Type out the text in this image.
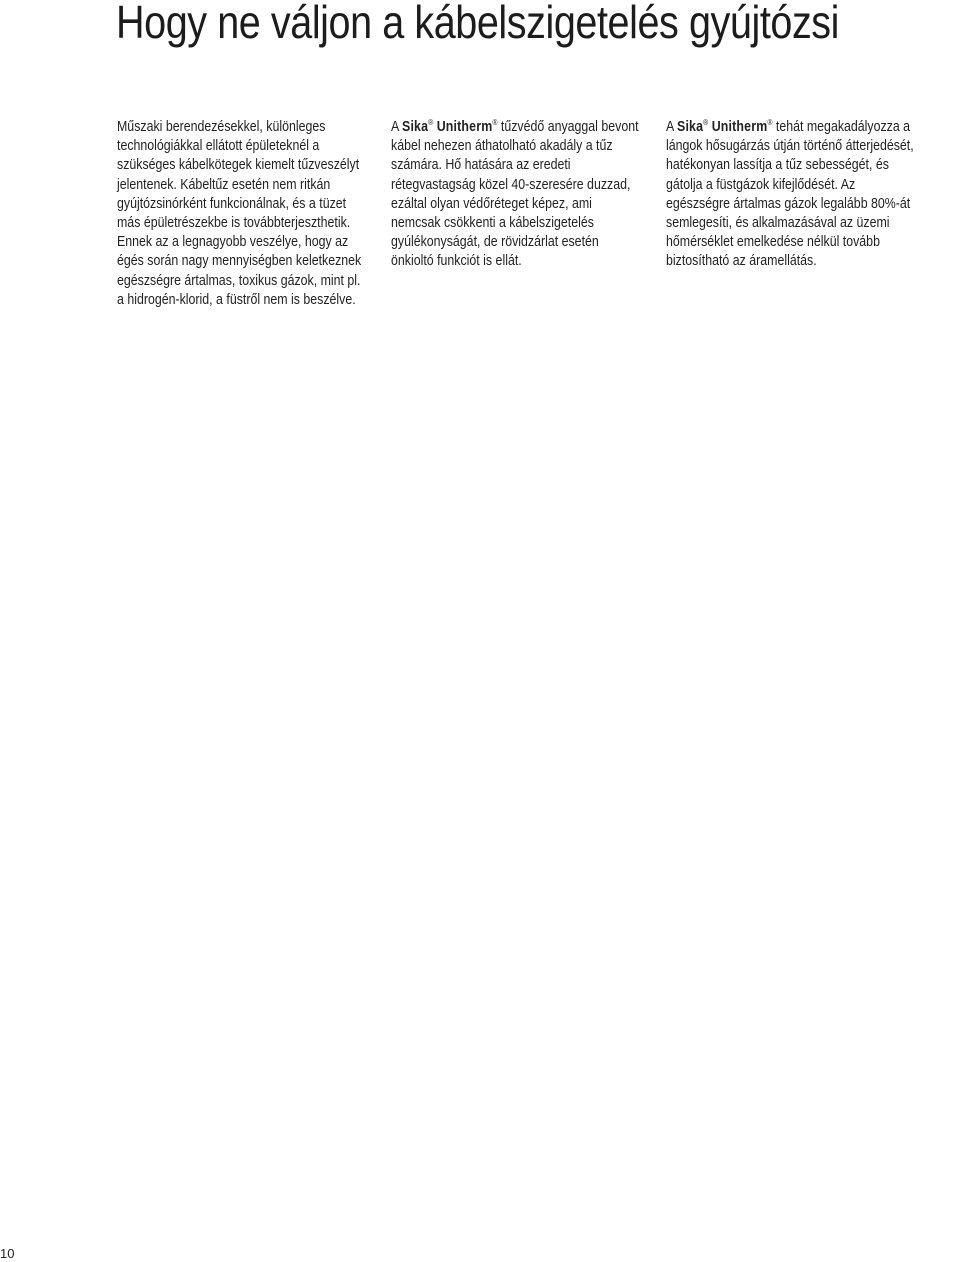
Hogy ne váljon a kábelszigetelés gyújtózsi

Műszaki berendezésekkel, különleges technológiákkal ellátott épületeknél a szükséges kábelkötegek kiemelt tűzveszélyt jelentenek. Kábeltűz esetén nem ritkán gyújtózsinórként funkcionálnak, és a tüzet más épületrészekbe is továbbterjeszthetik. Ennek az a legnagyobb veszélye, hogy az égés során nagy mennyiségben keletkeznek egészségre ártalmas, toxikus gázok, mint pl. a hidrogén-klorid, a füstről nem is beszélve.

A Sika® Unitherm® tűzvédő anyaggal bevont kábel nehezen áthatolható akadály a tűz számára. Hő hatására az eredeti rétegvastagság közel 40-szeresére duzzad, ezáltal olyan védőréteget képez, ami nemcsak csökkenti a kábelszigetelés gyúlékonyságát, de rövidzárlat esetén önkioltó funkciót is ellát.

A Sika® Unitherm® tehát megakadályozza a lángok hősugárzás útján történő átterjedését, hatékonyan lassítja a tűz sebességét, és gátolja a füstgázok kifejlődését. Az egészségre ártalmas gázok legalább 80%-át semlegesíti, és alkalmazásával az üzemi hőmérséklet emelkedése nélkül tovább biztosítható az áramellátás.

10
